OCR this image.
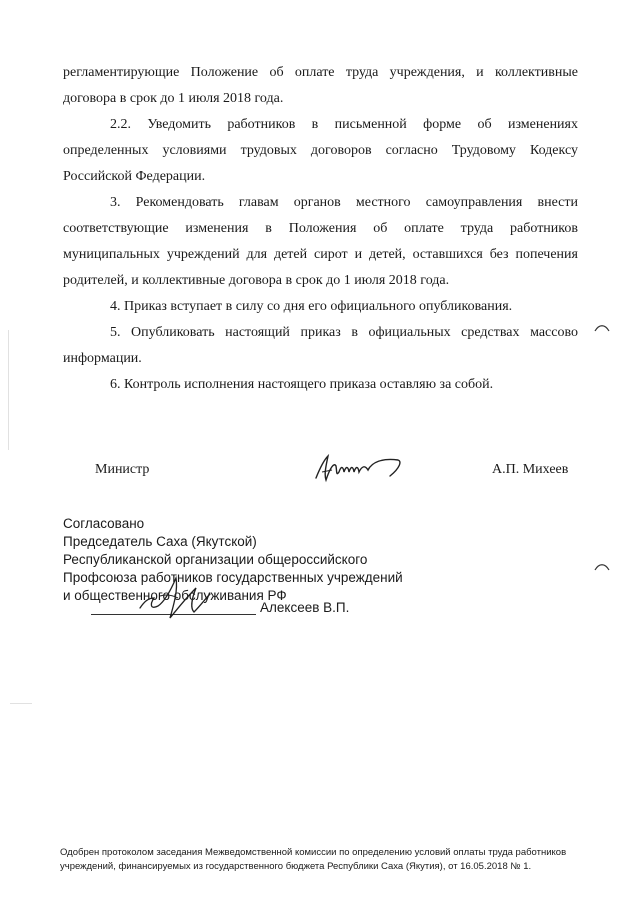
регламентирующие Положение об оплате труда учреждения, и коллективные
договора в срок до 1 июля 2018 года.
2.2. Уведомить работников в письменной форме об изменениях
определенных условиями трудовых договоров согласно Трудовому Кодексу
Российской Федерации.
3. Рекомендовать главам органов местного самоуправления внести
соответствующие изменения в Положения об оплате труда работников
муниципальных учреждений для детей сирот и детей, оставшихся без попечения
родителей, и коллективные договора в срок до 1 июля 2018 года.
4. Приказ вступает в силу со дня его официального опубликования.
5. Опубликовать настоящий приказ в официальных средствах массово
информации.
6. Контроль исполнения настоящего приказа оставляю за собой.
Министр	А.П. Михеев
Согласовано
Председатель Саха (Якутской)
Республиканской организации общероссийского
Профсоюза работников государственных учреждений
и общественного обслуживания РФ
Алексеев В.П.
Одобрен протоколом заседания Межведомственной комиссии по определению условий оплаты труда работников
учреждений, финансируемых из государственного бюджета Республики Саха (Якутия), от 16.05.2018 № 1.
